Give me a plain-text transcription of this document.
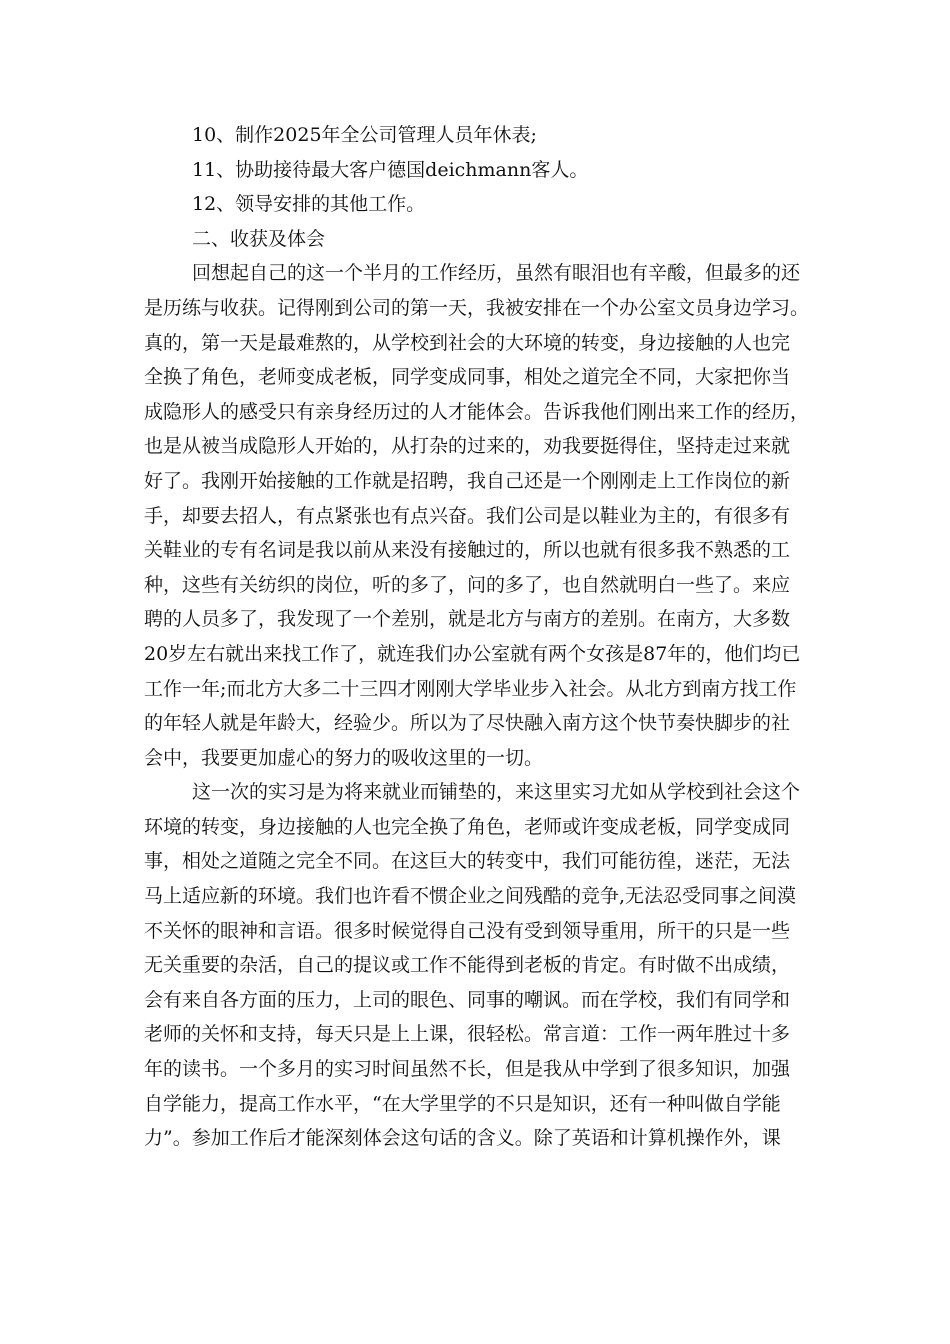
10、制作2025年全公司管理人员年休表;
11、协助接待最大客户德国deichmann客人。
12、领导安排的其他工作。
二、收获及体会
回想起自己的这一个半月的工作经历，虽然有眼泪也有辛酸，但最多的还
是历练与收获。记得刚到公司的第一天，我被安排在一个办公室文员身边学习。
真的，第一天是最难熬的，从学校到社会的大环境的转变，身边接触的人也完
全换了角色，老师变成老板，同学变成同事，相处之道完全不同，大家把你当
成隐形人的感受只有亲身经历过的人才能体会。告诉我他们刚出来工作的经历，
也是从被当成隐形人开始的，从打杂的过来的，劝我要挺得住，坚持走过来就
好了。我刚开始接触的工作就是招聘，我自己还是一个刚刚走上工作岗位的新
手，却要去招人，有点紧张也有点兴奋。我们公司是以鞋业为主的，有很多有
关鞋业的专有名词是我以前从来没有接触过的，所以也就有很多我不熟悉的工
种，这些有关纺织的岗位，听的多了，问的多了，也自然就明白一些了。来应
聘的人员多了，我发现了一个差别，就是北方与南方的差别。在南方，大多数
20岁左右就出来找工作了，就连我们办公室就有两个女孩是87年的，他们均已
工作一年;而北方大多二十三四才刚刚大学毕业步入社会。从北方到南方找工作
的年轻人就是年龄大，经验少。所以为了尽快融入南方这个快节奏快脚步的社
会中，我要更加虚心的努力的吸收这里的一切。
这一次的实习是为将来就业而铺垫的，来这里实习尤如从学校到社会这个
环境的转变，身边接触的人也完全换了角色，老师或许变成老板，同学变成同
事，相处之道随之完全不同。在这巨大的转变中，我们可能彷徨，迷茫，无法
马上适应新的环境。我们也许看不惯企业之间残酷的竞争,无法忍受同事之间漠
不关怀的眼神和言语。很多时候觉得自己没有受到领导重用，所干的只是一些
无关重要的杂活，自己的提议或工作不能得到老板的肯定。有时做不出成绩，
会有来自各方面的压力，上司的眼色、同事的嘲讽。而在学校，我们有同学和
老师的关怀和支持，每天只是上上课，很轻松。常言道：工作一两年胜过十多
年的读书。一个多月的实习时间虽然不长，但是我从中学到了很多知识，加强
自学能力，提高工作水平，“在大学里学的不只是知识，还有一种叫做自学能
力”。参加工作后才能深刻体会这句话的含义。除了英语和计算机操作外，课
